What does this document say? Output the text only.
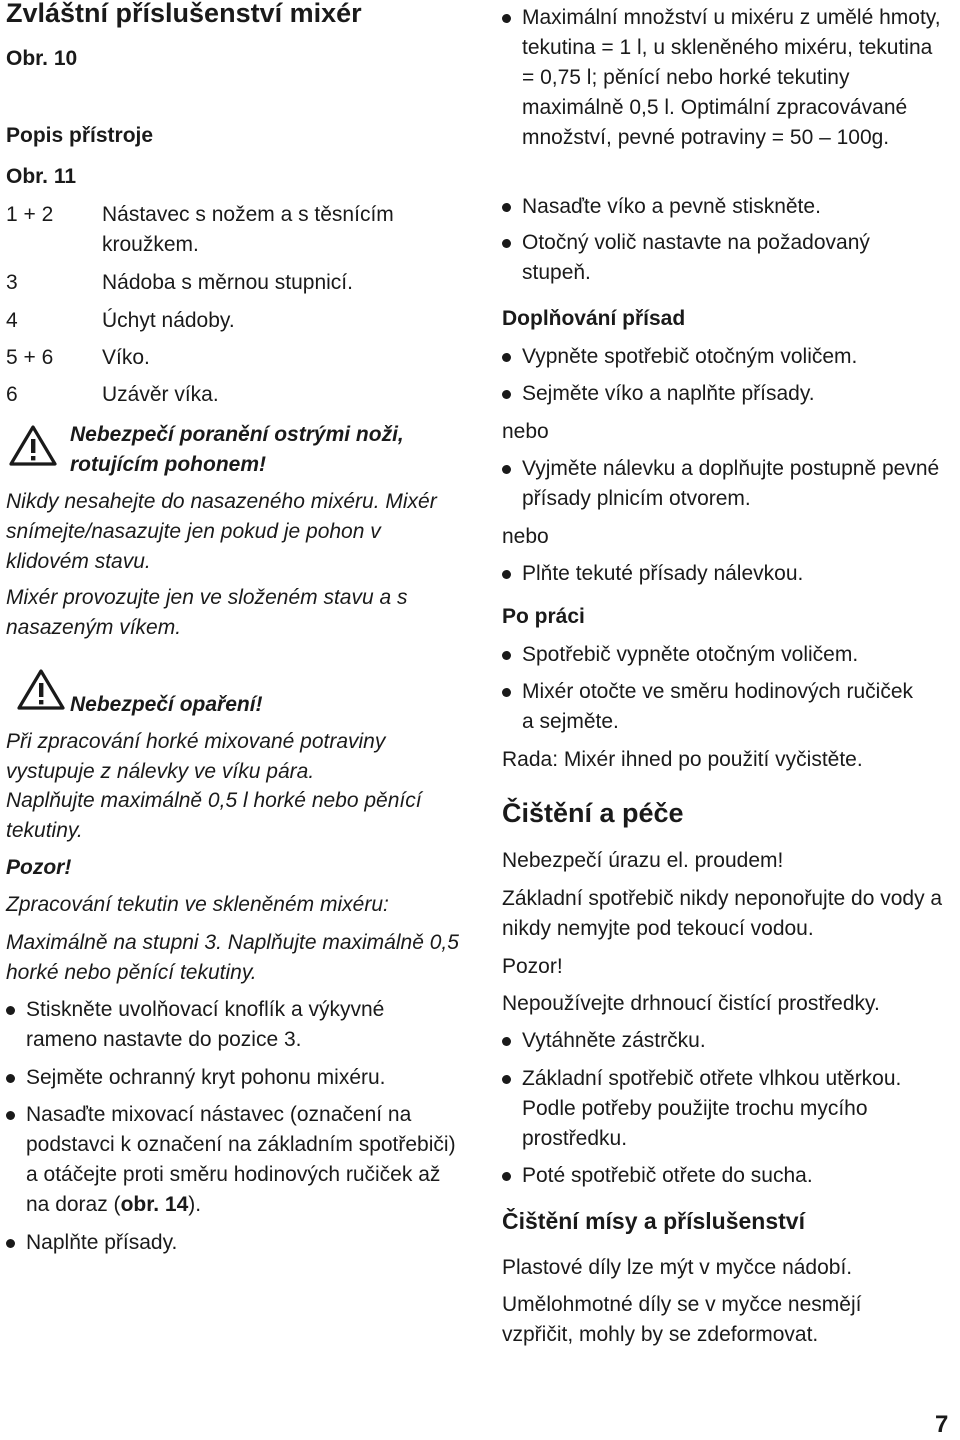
Zvláštní příslušenství mixér

Obr. 10

Popis přístroje

Obr. 11

1 + 2	Nástavec s nožem a s těsnícím kroužkem.
3	Nádoba s měrnou stupnicí.
4	Úchyt nádoby.
5 + 6	Víko.
6	Uzávěr víka.

Nebezpečí poranění ostrými noži, rotujícím pohonem!

Nikdy nesahejte do nasazeného mixéru. Mixér snímejte/nasazujte jen pokud je pohon v klidovém stavu.

Mixér provozujte jen ve složeném stavu a s nasazeným víkem.

Nebezpečí opaření!

Při zpracování horké mixované potraviny vystupuje z nálevky ve víku pára.

Naplňujte maximálně 0,5 l horké nebo pěnící tekutiny.

Pozor!

Zpracování tekutin ve skleněném mixéru:

Maximálně na stupni 3. Naplňujte maximálně 0,5 horké nebo pěnící tekutiny.

Stiskněte uvolňovací knoflík a výkyvné rameno nastavte do pozice 3.

Sejměte ochranný kryt pohonu mixéru.

Nasaďte mixovací nástavec (označení na podstavci k označení na základním spotřebiči) a otáčejte proti směru hodinových ručiček až na doraz (obr. 14).

Naplňte přísady.

Maximální množství u mixéru z umělé hmoty, tekutina = 1 l, u skleněného mixéru, tekutina = 0,75 l; pěnící nebo horké tekutiny maximálně 0,5 l. Optimální zpracovávané množství, pevné potraviny = 50 – 100g.

Nasaďte víko a pevně stiskněte.

Otočný volič nastavte na požadovaný stupeň.

Doplňování přísad

Vypněte spotřebič otočným voličem.

Sejměte víko a naplňte přísady.

nebo

Vyjměte nálevku a doplňujte postupně pevné přísady plnicím otvorem.

nebo

Plňte tekuté přísady nálevkou.

Po práci

Spotřebič vypněte otočným voličem.

Mixér otočte ve směru hodinových ručiček a sejměte.

Rada: Mixér ihned po použití vyčistěte.

Čištění a péče

Nebezpečí úrazu el. proudem!

Základní spotřebič nikdy neponořujte do vody a nikdy nemyjte pod tekoucí vodou.

Pozor!

Nepoužívejte drhnoucí čistící prostředky.

Vytáhněte zástrčku.

Základní spotřebič otřete vlhkou utěrkou. Podle potřeby použijte trochu mycího prostředku.

Poté spotřebič otřete do sucha.

Čištění mísy a příslušenství

Plastové díly lze mýt v myčce nádobí.

Umělohmotné díly se v myčce nesmějí vzpřičit, mohly by se zdeformovat.

7
